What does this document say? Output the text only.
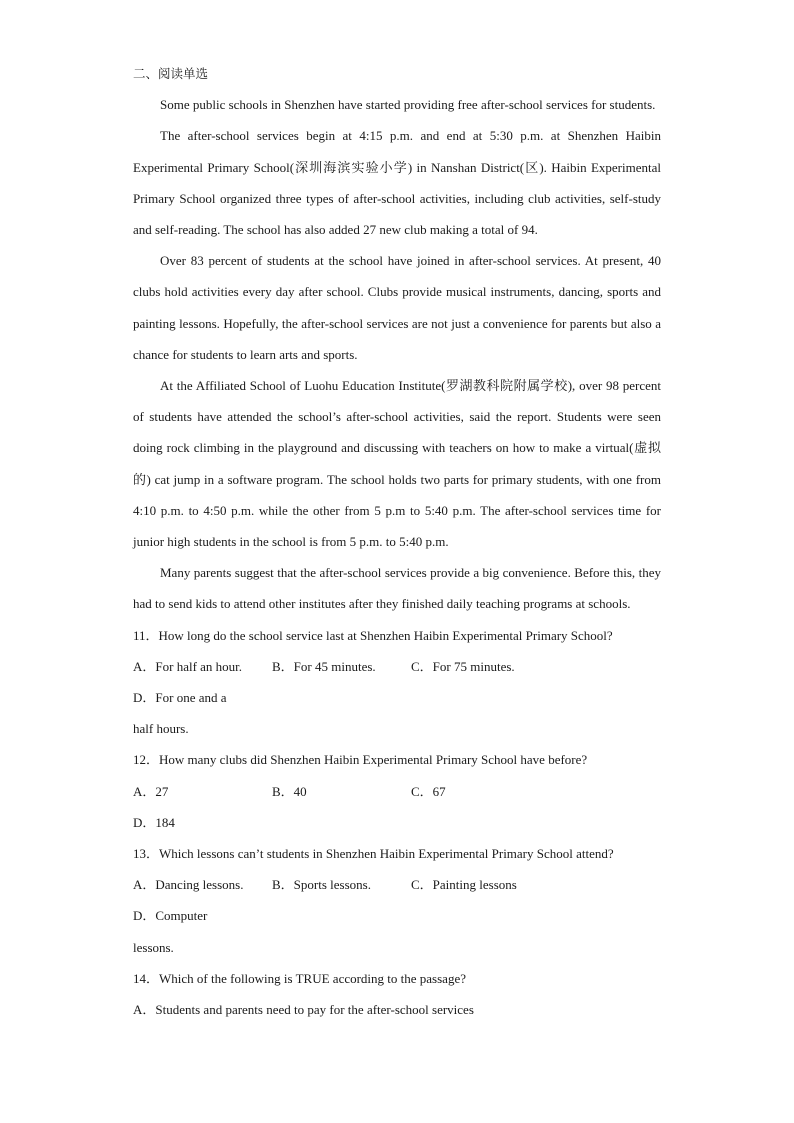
二、阅读单选

Some public schools in Shenzhen have started providing free after-school services for students.

The after-school services begin at 4:15 p.m. and end at 5:30 p.m. at Shenzhen Haibin Experimental Primary School(深圳海滨实验小学) in Nanshan District(区). Haibin Experimental Primary School organized three types of after-school activities, including club activities, self-study and self-reading. The school has also added 27 new club making a total of 94.

Over 83 percent of students at the school have joined in after-school services. At present, 40 clubs hold activities every day after school. Clubs provide musical instruments, dancing, sports and painting lessons. Hopefully, the after-school services are not just a convenience for parents but also a chance for students to learn arts and sports.

At the Affiliated School of Luohu Education Institute(罗湖教科院附属学校), over 98 percent of students have attended the school’s after-school activities, said the report. Students were seen doing rock climbing in the playground and discussing with teachers on how to make a virtual(虚拟的) cat jump in a software program. The school holds two parts for primary students, with one from 4:10 p.m. to 4:50 p.m. while the other from 5 p.m to 5:40 p.m. The after-school services time for junior high students in the school is from 5 p.m. to 5:40 p.m.

Many parents suggest that the after-school services provide a big convenience. Before this, they had to send kids to attend other institutes after they finished daily teaching programs at schools.

11．How long do the school service last at Shenzhen Haibin Experimental Primary School?

A．For half an hour.	B．For 45 minutes.	C．For 75 minutes.
D．For one and a half hours.

12．How many clubs did Shenzhen Haibin Experimental Primary School have before?

A．27	B．40	C．67
D．184

13．Which lessons can’t students in Shenzhen Haibin Experimental Primary School attend?

A．Dancing lessons.	B．Sports lessons.	C．Painting lessons
D．Computer lessons.

14．Which of the following is TRUE according to the passage?

A．Students and parents need to pay for the after-school services
